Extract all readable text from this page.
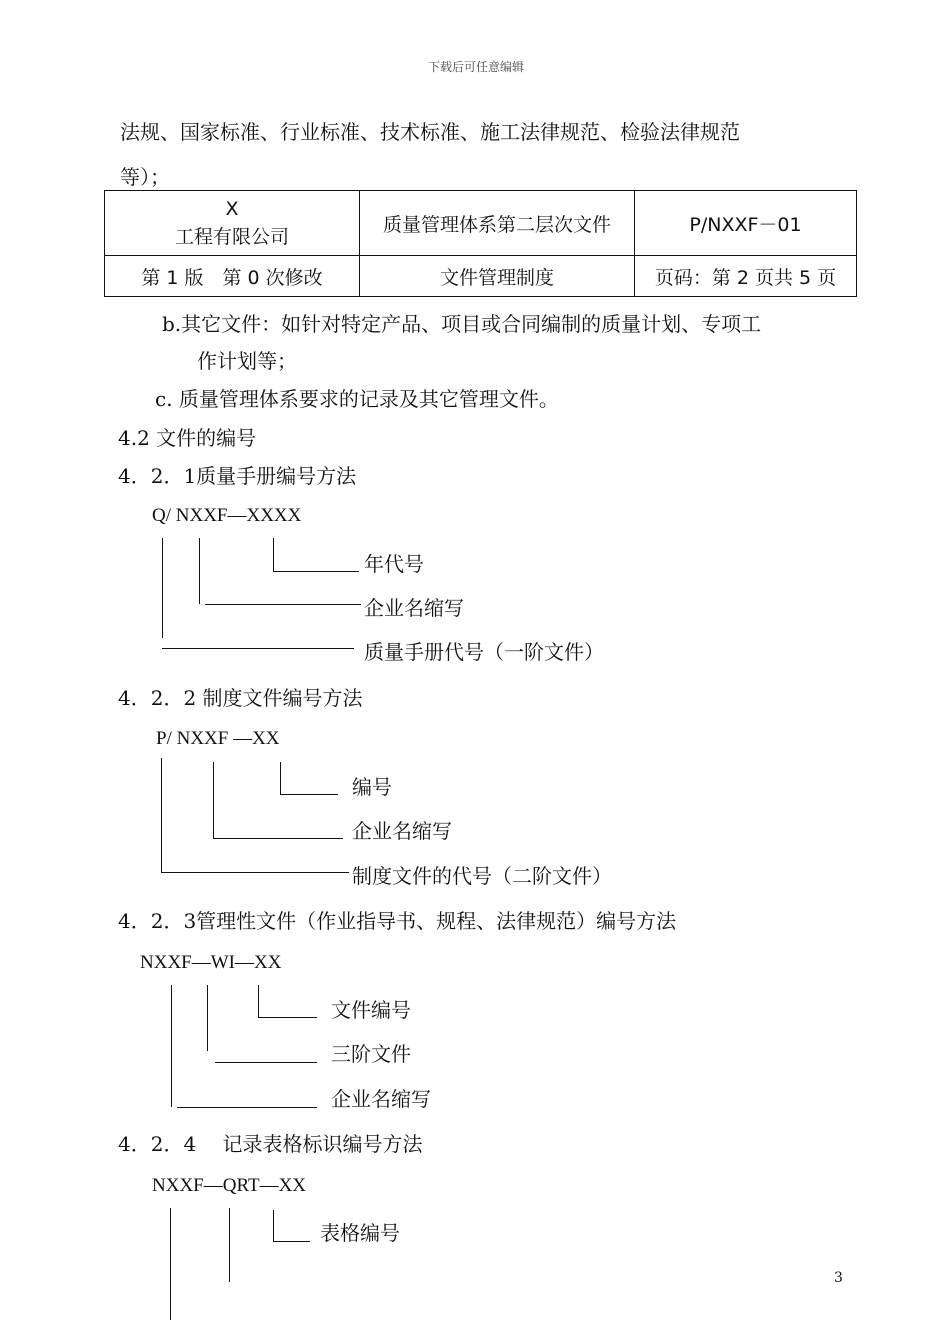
下载后可任意编辑
法规、国家标准、行业标准、技术标准、施工法律规范、检验法律规范
等）；
X
工程有限公司	质量管理体系第二层次文件	P/NXXF－01
第 1 版　第 0 次修改	文件管理制度	页码：第 2 页共 5 页
b.其它文件：如针对特定产品、项目或合同编制的质量计划、专项工
作计划等；
c. 质量管理体系要求的记录及其它管理文件。
4.2 文件的编号
4．2．1质量手册编号方法
Q/ NXXF—XXXX
年代号
企业名缩写
质量手册代号（一阶文件）
4．2．2 制度文件编号方法
P/ NXXF —XX
编号
企业名缩写
制度文件的代号（二阶文件）
4．2．3管理性文件（作业指导书、规程、法律规范）编号方法
NXXF—WI—XX
文件编号
三阶文件
企业名缩写
4．2．4　 记录表格标识编号方法
NXXF—QRT—XX
表格编号
3
